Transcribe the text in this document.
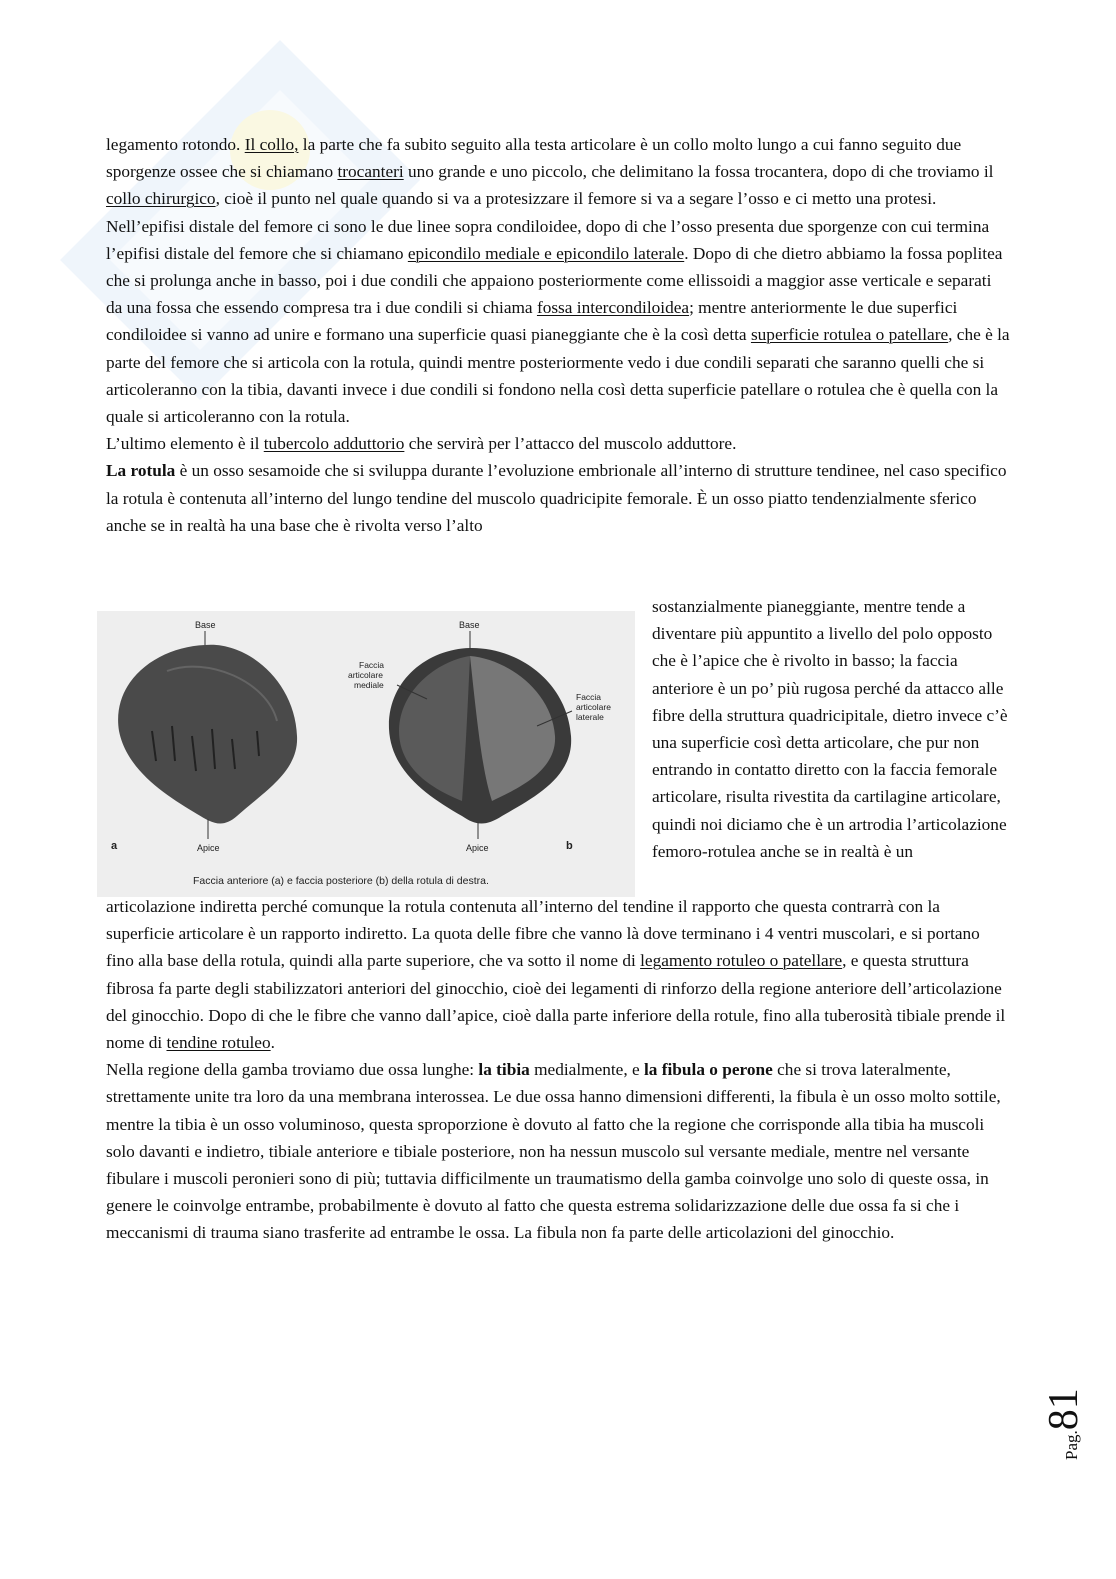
legamento rotondo. Il collo, la parte che fa subito seguito alla testa articolare è un collo molto lungo a cui fanno seguito due sporgenze ossee che si chiamano trocanteri uno grande e uno piccolo, che delimitano la fossa trocantera, dopo di che troviamo il collo chirurgico, cioè il punto nel quale quando si va a protesizzare il femore si va a segare l’osso e ci metto una protesi.

Nell’epifisi distale del femore ci sono le due linee sopra condiloidee, dopo di che l’osso presenta due sporgenze con cui termina l’epifisi distale del femore che si chiamano epicondilo mediale e epicondilo laterale. Dopo di che dietro abbiamo la fossa poplitea che si prolunga anche in basso, poi i due condili che appaiono posteriormente come ellissoidi a maggior asse verticale e separati da una fossa che essendo compresa tra i due condili si chiama fossa intercondiloidea; mentre anteriormente le due superfici condiloidee si vanno ad unire e formano una superficie quasi pianeggiante che è la così detta superficie rotulea o patellare, che è la parte del femore che si articola con la rotula, quindi mentre posteriormente vedo i due condili separati che saranno quelli che si articoleranno con la tibia, davanti invece i due condili si fondono nella così detta superficie patellare o rotulea che è quella con la quale si articoleranno con la rotula.

L’ultimo elemento è il tubercolo adduttorio che servirà per l’attacco del muscolo adduttore.

La rotula è un osso sesamoide che si sviluppa durante l’evoluzione embrionale all’interno di strutture tendinee, nel caso specifico la rotula è contenuta all’interno del lungo tendine del muscolo quadricipite femorale. È un osso piatto tendenzialmente sferico anche se in realtà ha una base che è rivolta verso l’alto

Base
Apice
a
Base
Apice	b
Faccia
articolare
mediale
Faccia
articolare
laterale
Faccia anteriore (a) e faccia posteriore (b) della rotula di destra.

sostanzialmente pianeggiante, mentre tende a diventare più appuntito a livello del polo opposto che è l’apice che è rivolto in basso; la faccia anteriore è un po’ più rugosa perché da attacco alle fibre della struttura quadricipitale, dietro invece c’è una superficie così detta articolare, che pur non entrando in contatto diretto con la faccia femorale articolare, risulta rivestita da cartilagine articolare, quindi noi diciamo che è un artrodia l’articolazione femoro-rotulea anche se in realtà è un

articolazione indiretta perché comunque la rotula contenuta all’interno del tendine il rapporto che questa contrarrà con la superficie articolare è un rapporto indiretto. La quota delle fibre che vanno là dove terminano i 4 ventri muscolari, e si portano fino alla base della rotula, quindi alla parte superiore, che va sotto il nome di legamento rotuleo o patellare, e questa struttura fibrosa fa parte degli stabilizzatori anteriori del ginocchio, cioè dei legamenti di rinforzo della regione anteriore dell’articolazione del ginocchio. Dopo di che le fibre che vanno dall’apice, cioè dalla parte inferiore della rotule, fino alla tuberosità tibiale prende il nome di tendine rotuleo.

Nella regione della gamba troviamo due ossa lunghe: la tibia medialmente, e la fibula o perone che si trova lateralmente, strettamente unite tra loro da una membrana interossea. Le due ossa hanno dimensioni differenti, la fibula è un osso molto sottile, mentre la tibia è un osso voluminoso, questa sproporzione è dovuto al fatto che la regione che corrisponde alla tibia ha muscoli solo davanti e indietro, tibiale anteriore e tibiale posteriore, non ha nessun muscolo sul versante mediale, mentre nel versante fibulare i muscoli peronieri sono di più; tuttavia difficilmente un traumatismo della gamba coinvolge uno solo di queste ossa, in genere le coinvolge entrambe, probabilmente è dovuto al fatto che questa estrema solidarizzazione delle due ossa fa si che i meccanismi di trauma siano trasferite ad entrambe le ossa. La fibula non fa parte delle articolazioni del ginocchio.

Pag.81
